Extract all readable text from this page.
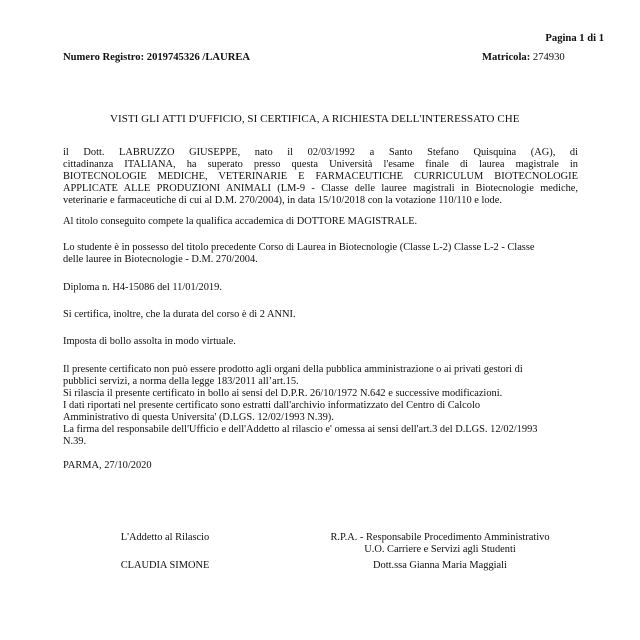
Pagina 1 di 1
Numero Registro: 2019745326 /LAUREA	Matricola: 274930
VISTI GLI ATTI D'UFFICIO, SI CERTIFICA, A RICHIESTA DELL'INTERESSATO CHE
il Dott. LABRUZZO GIUSEPPE, nato il 02/03/1992 a Santo Stefano Quisquina (AG), di
cittadinanza ITALIANA, ha superato presso questa Università l'esame finale di laurea magistrale in
BIOTECNOLOGIE MEDICHE, VETERINARIE E FARMACEUTICHE CURRICULUM BIOTECNOLOGIE
APPLICATE ALLE PRODUZIONI ANIMALI (LM-9 - Classe delle lauree magistrali in Biotecnologie mediche,
veterinarie e farmaceutiche di cui al D.M. 270/2004), in data 15/10/2018 con la votazione 110/110 e lode.
Al titolo conseguito compete la qualifica accademica di DOTTORE MAGISTRALE.
Lo studente è in possesso del titolo precedente Corso di Laurea in Biotecnologie (Classe L-2) Classe L-2 - Classe
delle lauree in Biotecnologie - D.M. 270/2004.
Diploma n. H4-15086 del 11/01/2019.
Si certifica, inoltre, che la durata del corso è di 2 ANNI.
Imposta di bollo assolta in modo virtuale.
Il presente certificato non può essere prodotto agli organi della pubblica amministrazione o ai privati gestori di
pubblici servizi, a norma della legge 183/2011 all’art.15.
Si rilascia il presente certificato in bollo ai sensi del D.P.R. 26/10/1972 N.642 e successive modificazioni.
I dati riportati nel presente certificato sono estratti dall'archivio informatizzato del Centro di Calcolo
Amministrativo di questa Universita' (D.LGS. 12/02/1993 N.39).
La firma del responsabile dell'Ufficio e dell'Addetto al rilascio e' omessa ai sensi dell'art.3 del D.LGS. 12/02/1993
N.39.
PARMA, 27/10/2020
L'Addetto al Rilascio
CLAUDIA SIMONE
R.P.A. - Responsabile Procedimento Amministrativo
U.O. Carriere e Servizi agli Studenti
Dott.ssa Gianna Maria Maggiali
